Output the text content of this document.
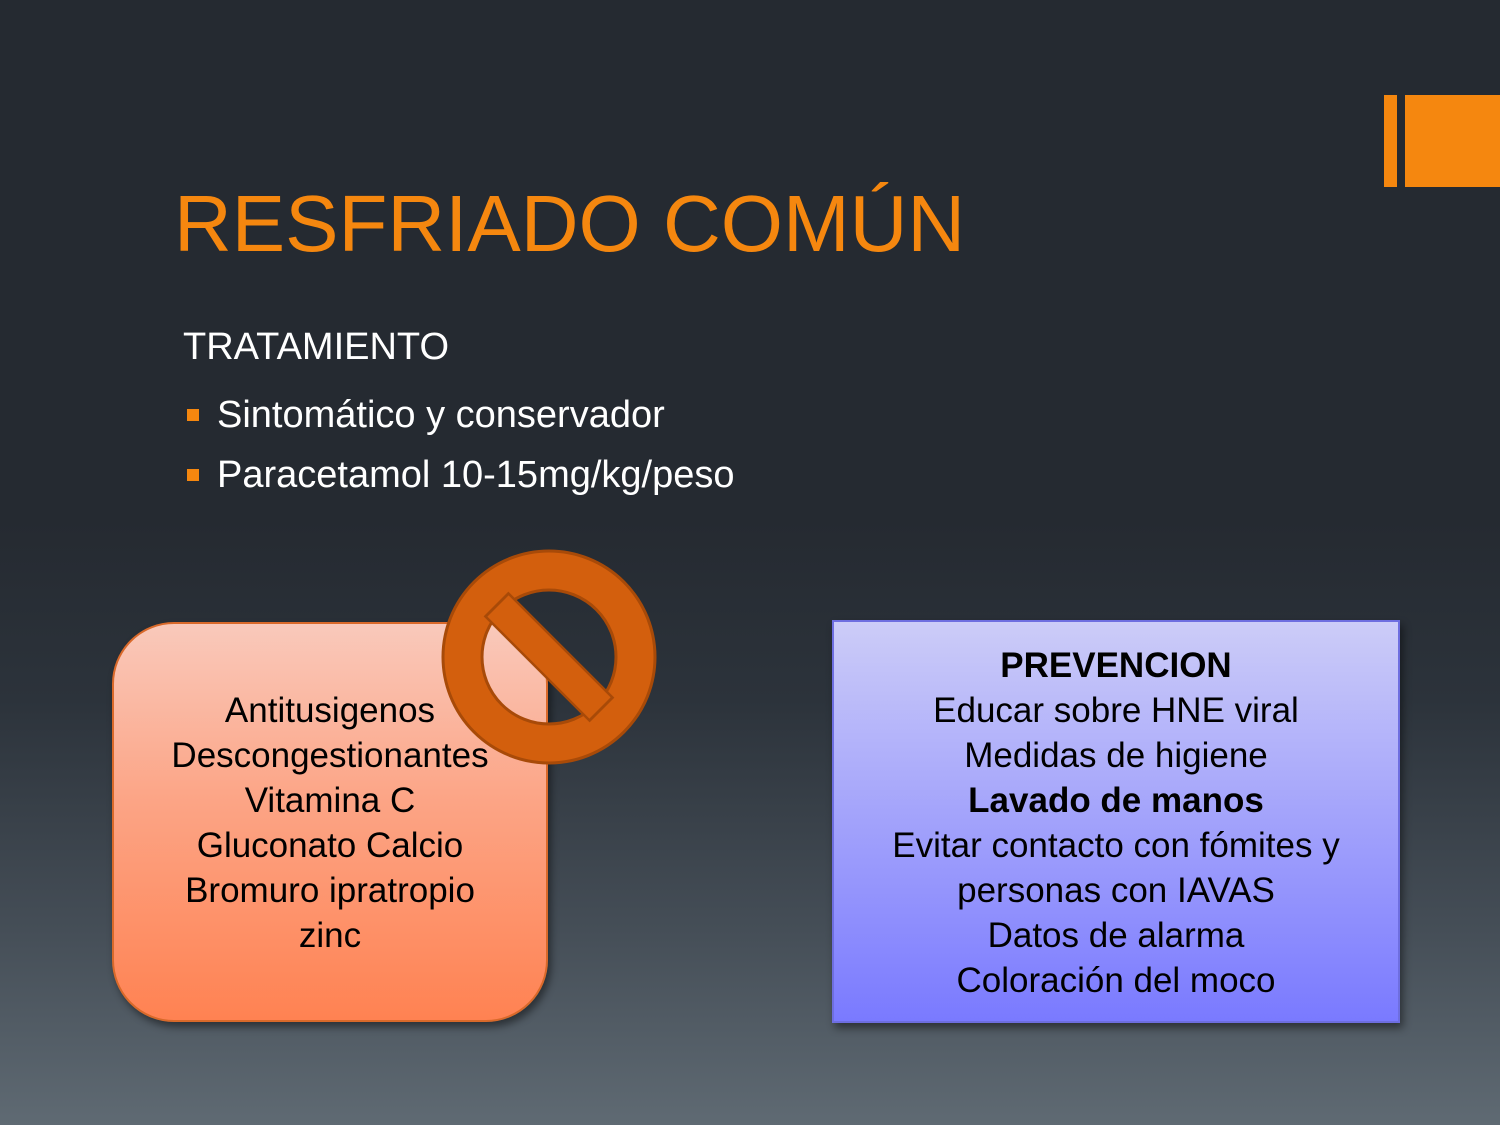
RESFRIADO COMÚN
TRATAMIENTO
Sintomático y conservador
Paracetamol 10-15mg/kg/peso
Antitusigenos
Descongestionantes
Vitamina C
Gluconato Calcio
Bromuro ipratropio
zinc
PREVENCION
Educar sobre HNE viral
Medidas de higiene
Lavado de manos
Evitar contacto con fómites y
personas con IAVAS
Datos de alarma
Coloración del moco
